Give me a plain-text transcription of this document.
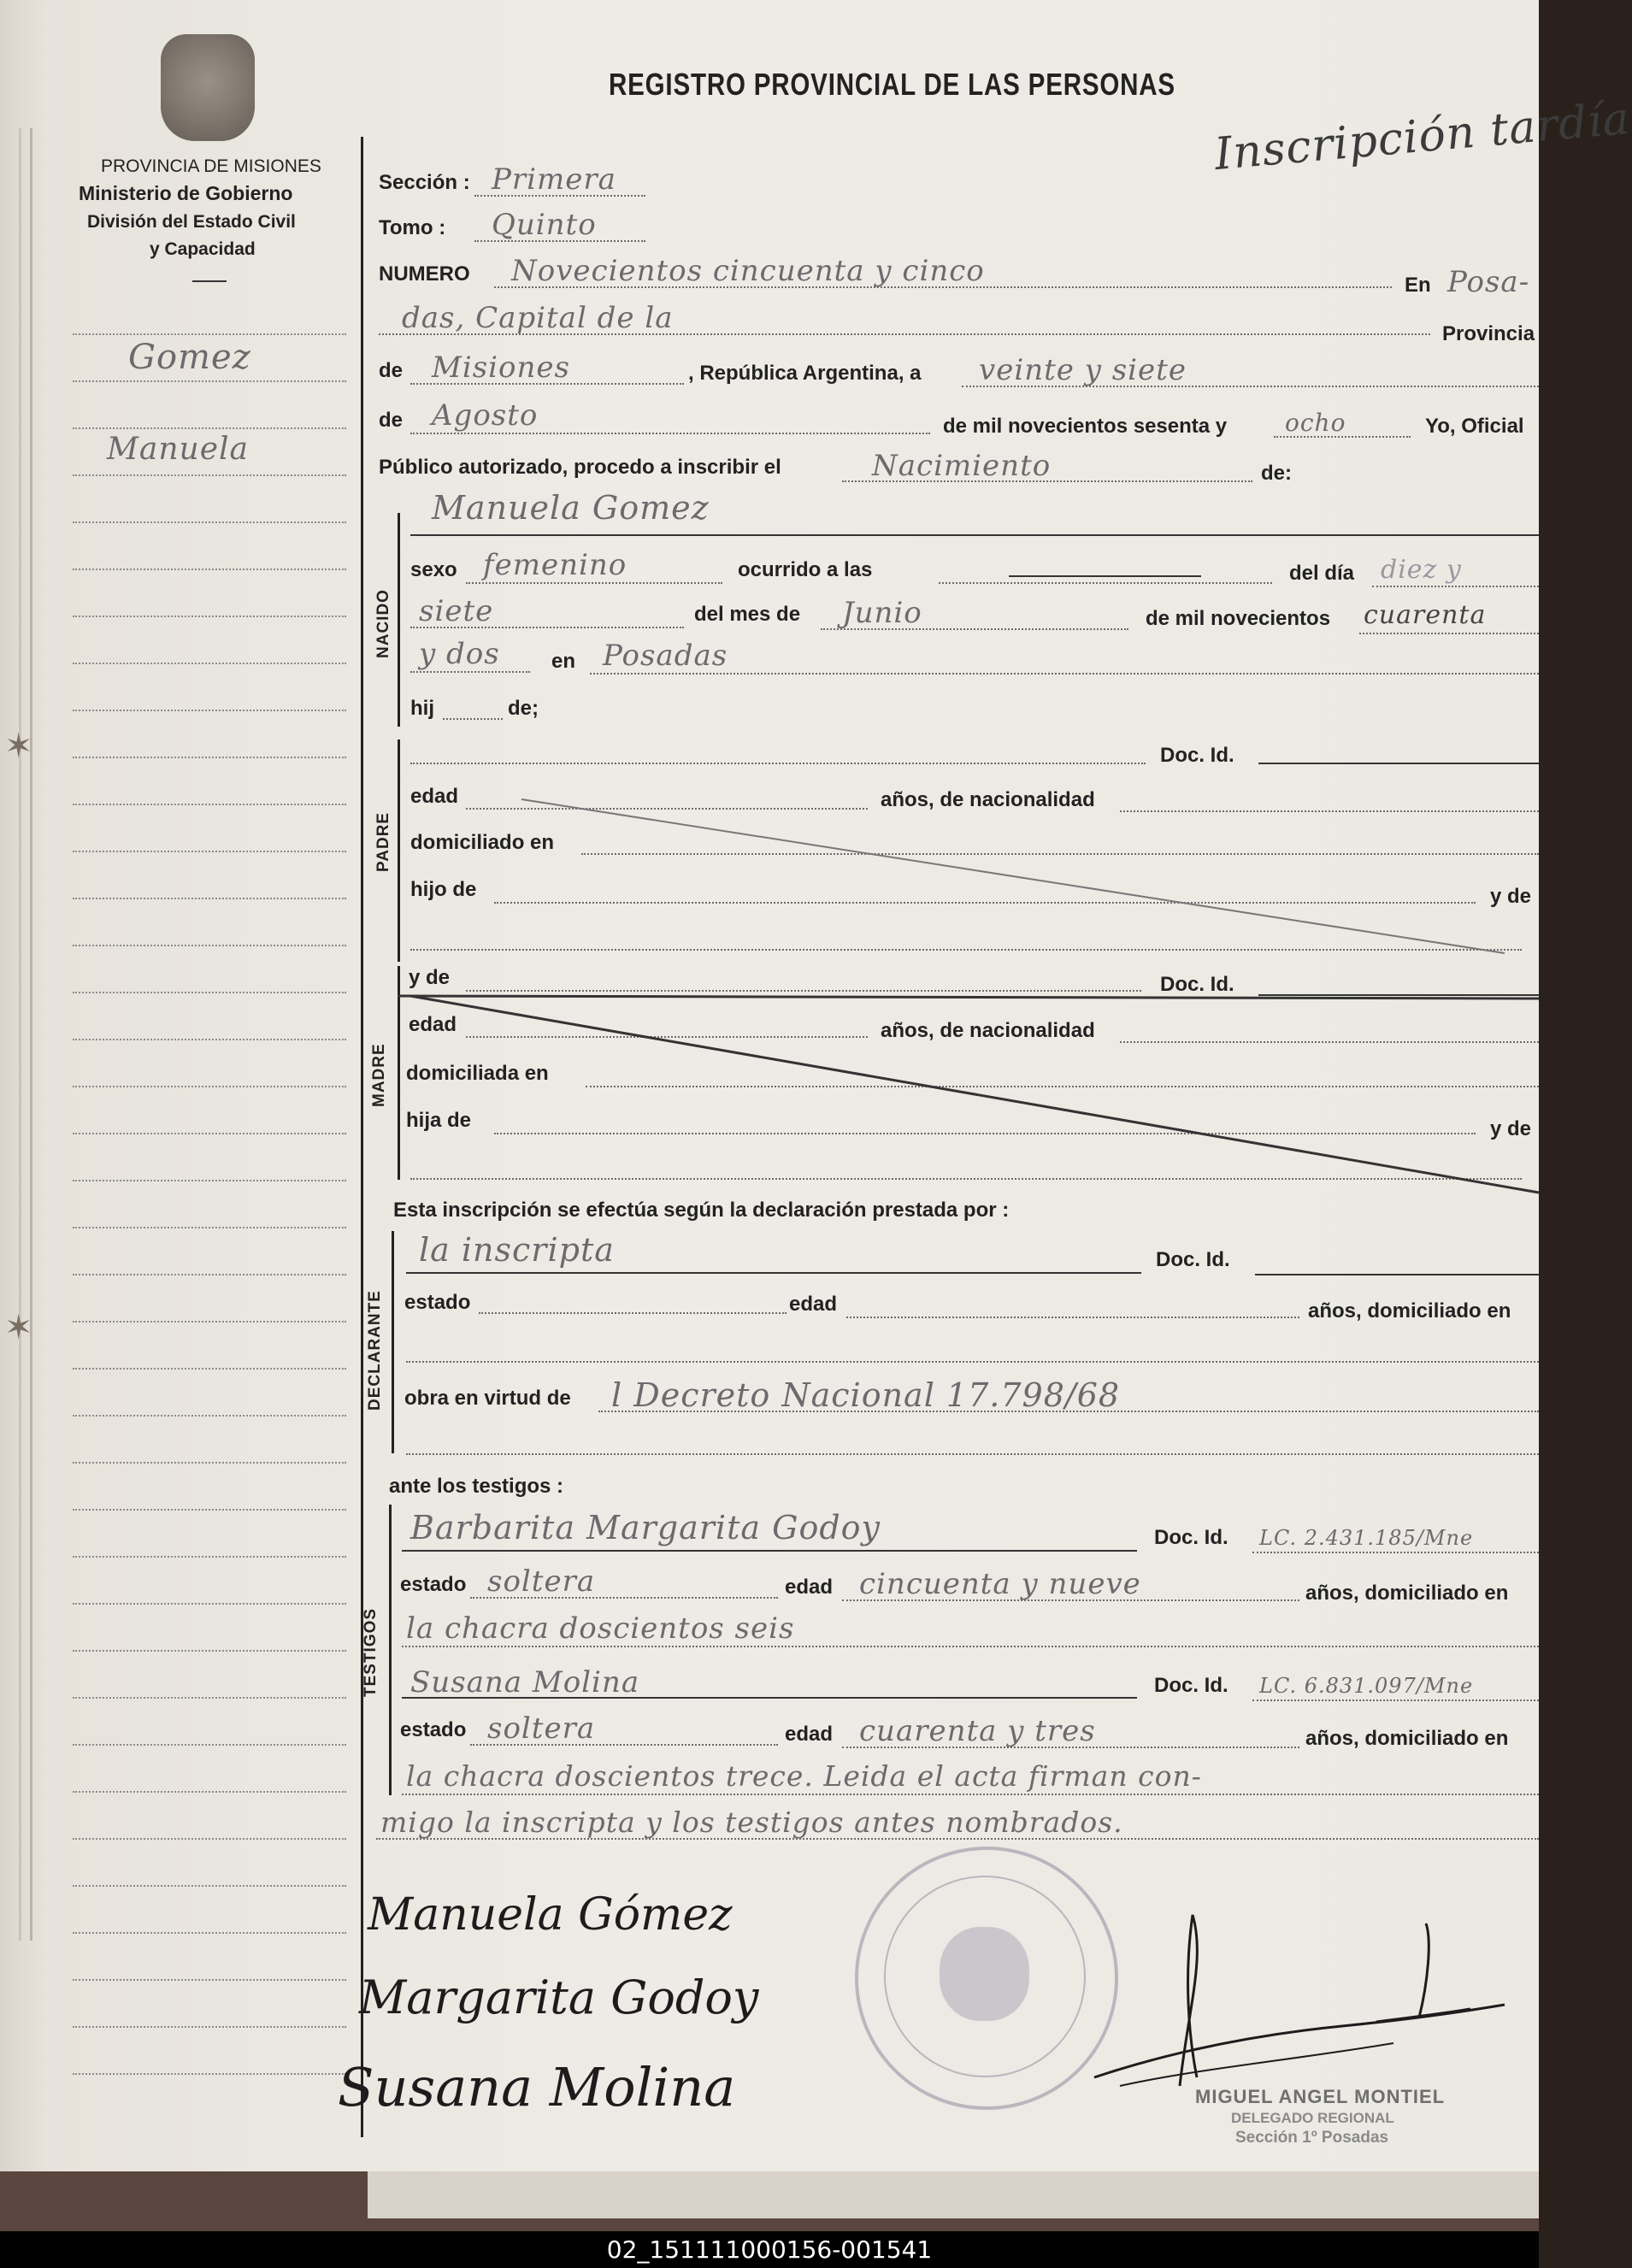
✶
✶
PROVINCIA DE MISIONES
Ministerio de Gobierno
División del Estado Civil
y Capacidad
REGISTRO PROVINCIAL DE LAS PERSONAS
Inscripción tardía
Gomez
Manuela
Sección : Primera
Tomo : Quinto
NUMERO Novecientos cincuenta y cinco	En Posa-
das, Capital de la	Provincia
de Misiones	, República Argentina, a veinte y siete
de Agosto	de mil novecientos sesenta y ocho	Yo, Oficial
Público autorizado, procedo a inscribir el	Nacimiento	de:
NACIDO
Manuela Gomez
sexo femenino	ocurrido a las	del día diez y
siete	del mes de Junio	de mil novecientos cuarenta
y dos	en Posadas
hij	de;
PADRE
Doc. Id.
edad	años, de nacionalidad
domiciliado en
hijo de	y de
MADRE
y de	Doc. Id.
edad	años, de nacionalidad
domiciliada en
hija de	y de
Esta inscripción se efectúa según la declaración prestada por :
DECLARANTE
la inscripta	Doc. Id.
estado	edad	años, domiciliado en
obra en virtud de l Decreto Nacional 17.798/68
ante los testigos :
TESTIGOS
Barbarita Margarita Godoy	Doc. Id. LC. 2.431.185/Mne
estado soltera	edad cincuenta y nueve	años, domiciliado en
la chacra doscientos seis
Susana Molina	Doc. Id. LC. 6.831.097/Mne
estado soltera	edad cuarenta y tres	años, domiciliado en
la chacra doscientos trece. Leida el acta firman con-
migo la inscripta y los testigos antes nombrados.
Manuela Gómez
Margarita Godoy
Susana Molina	MIGUEL ANGEL MONTIEL
DELEGADO REGIONAL
Sección 1º Posadas
02_151111000156-001541
